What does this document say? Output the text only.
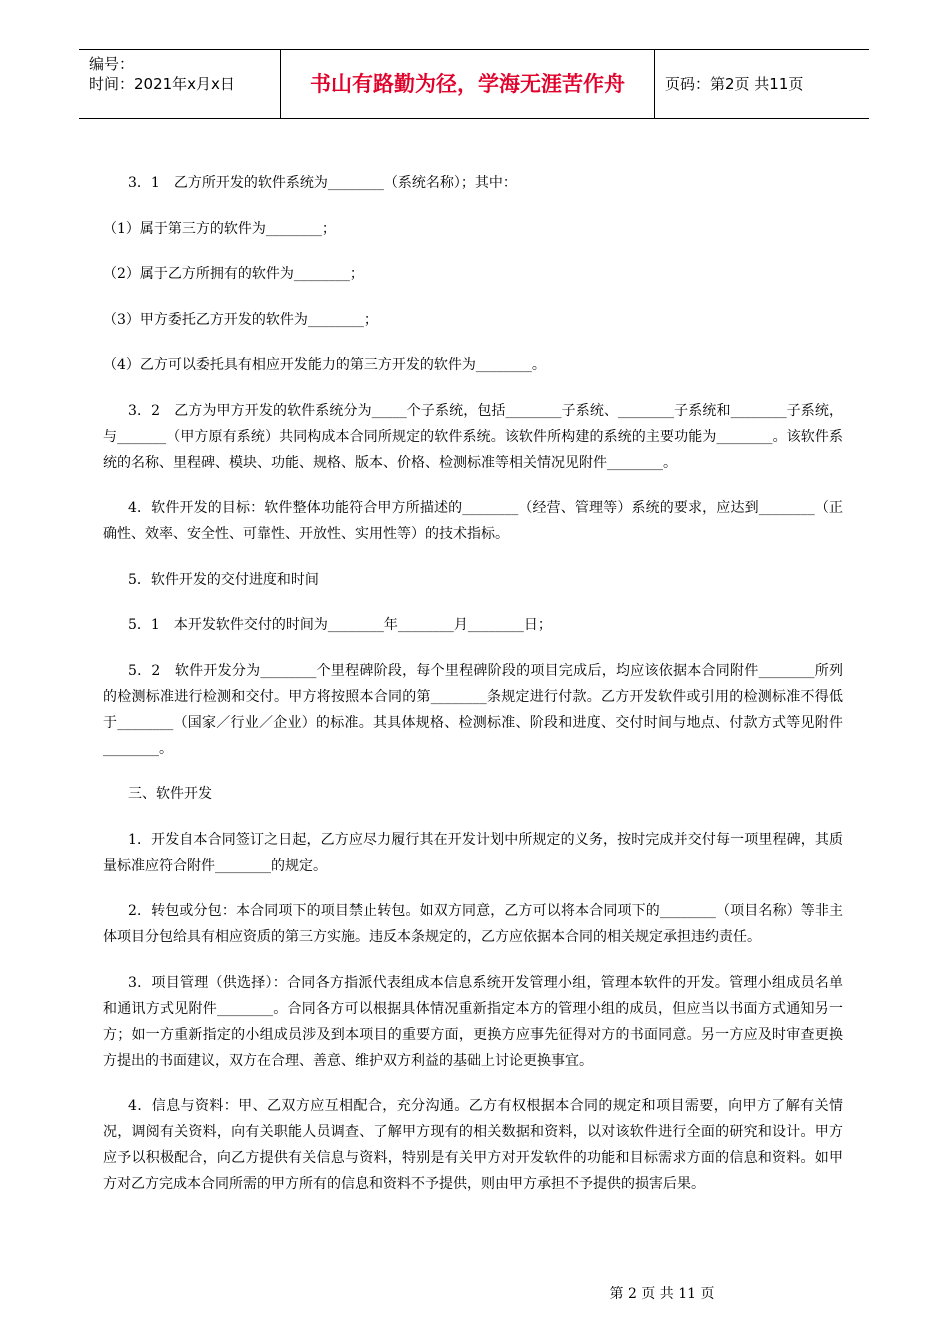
编号：
时间：2021年x月x日	书山有路勤为径，学海无涯苦作舟	页码：第2页 共11页

3．1　乙方所开发的软件系统为________（系统名称）；其中：

（1）属于第三方的软件为________；

（2）属于乙方所拥有的软件为________；

（3）甲方委托乙方开发的软件为________；

（4）乙方可以委托具有相应开发能力的第三方开发的软件为________。

3．2　乙方为甲方开发的软件系统分为_____个子系统，包括________子系统、________子系统和________子系统，与_______（甲方原有系统）共同构成本合同所规定的软件系统。该软件所构建的系统的主要功能为________。该软件系统的名称、里程碑、模块、功能、规格、版本、价格、检测标准等相关情况见附件________。

4．软件开发的目标：软件整体功能符合甲方所描述的________（经营、管理等）系统的要求，应达到________（正确性、效率、安全性、可靠性、开放性、实用性等）的技术指标。

5．软件开发的交付进度和时间

5．1　本开发软件交付的时间为________年________月________日；

5．2　软件开发分为________个里程碑阶段，每个里程碑阶段的项目完成后，均应该依据本合同附件________所列的检测标准进行检测和交付。甲方将按照本合同的第________条规定进行付款。乙方开发软件或引用的检测标准不得低于________（国家／行业／企业）的标准。其具体规格、检测标准、阶段和进度、交付时间与地点、付款方式等见附件________。

三、软件开发

1．开发自本合同签订之日起，乙方应尽力履行其在开发计划中所规定的义务，按时完成并交付每一项里程碑，其质量标准应符合附件________的规定。

2．转包或分包：本合同项下的项目禁止转包。如双方同意，乙方可以将本合同项下的________（项目名称）等非主体项目分包给具有相应资质的第三方实施。违反本条规定的，乙方应依据本合同的相关规定承担违约责任。

3．项目管理（供选择）：合同各方指派代表组成本信息系统开发管理小组，管理本软件的开发。管理小组成员名单和通讯方式见附件________。合同各方可以根据具体情况重新指定本方的管理小组的成员，但应当以书面方式通知另一方；如一方重新指定的小组成员涉及到本项目的重要方面，更换方应事先征得对方的书面同意。另一方应及时审查更换方提出的书面建议，双方在合理、善意、维护双方利益的基础上讨论更换事宜。

4．信息与资料：甲、乙双方应互相配合，充分沟通。乙方有权根据本合同的规定和项目需要，向甲方了解有关情况，调阅有关资料，向有关职能人员调查、了解甲方现有的相关数据和资料，以对该软件进行全面的研究和设计。甲方应予以积极配合，向乙方提供有关信息与资料，特别是有关甲方对开发软件的功能和目标需求方面的信息和资料。如甲方对乙方完成本合同所需的甲方所有的信息和资料不予提供，则由甲方承担不予提供的损害后果。

第 2 页 共 11 页
